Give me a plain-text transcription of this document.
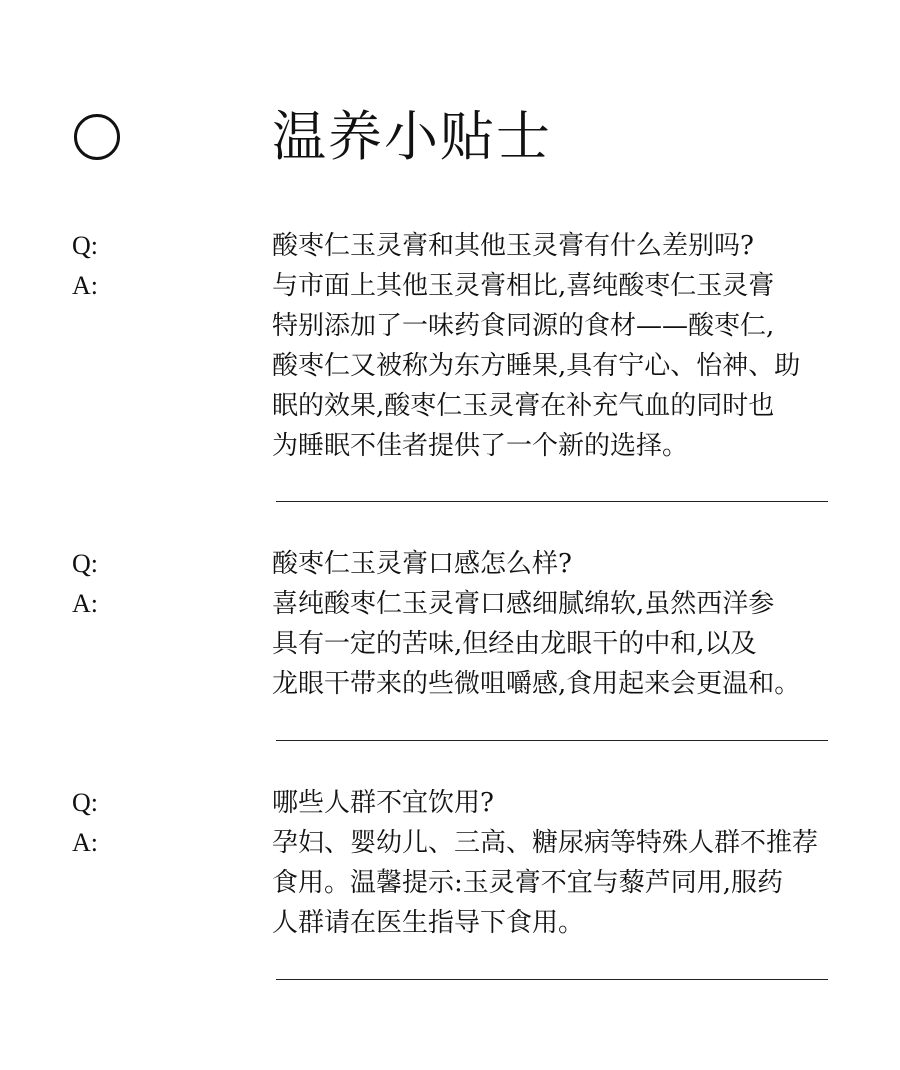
温养小贴士
Q:	酸枣仁玉灵膏和其他玉灵膏有什么差别吗?
A:	与市面上其他玉灵膏相比,喜纯酸枣仁玉灵膏
特别添加了一味药食同源的食材——酸枣仁,
酸枣仁又被称为东方睡果,具有宁心、怡神、助
眠的效果,酸枣仁玉灵膏在补充气血的同时也
为睡眠不佳者提供了一个新的选择。
Q:	酸枣仁玉灵膏口感怎么样?
A:	喜纯酸枣仁玉灵膏口感细腻绵软,虽然西洋参
具有一定的苦味,但经由龙眼干的中和,以及
龙眼干带来的些微咀嚼感,食用起来会更温和。
Q:	哪些人群不宜饮用?
A:	孕妇、婴幼儿、三高、糖尿病等特殊人群不推荐
食用。温馨提示:玉灵膏不宜与藜芦同用,服药
人群请在医生指导下食用。
